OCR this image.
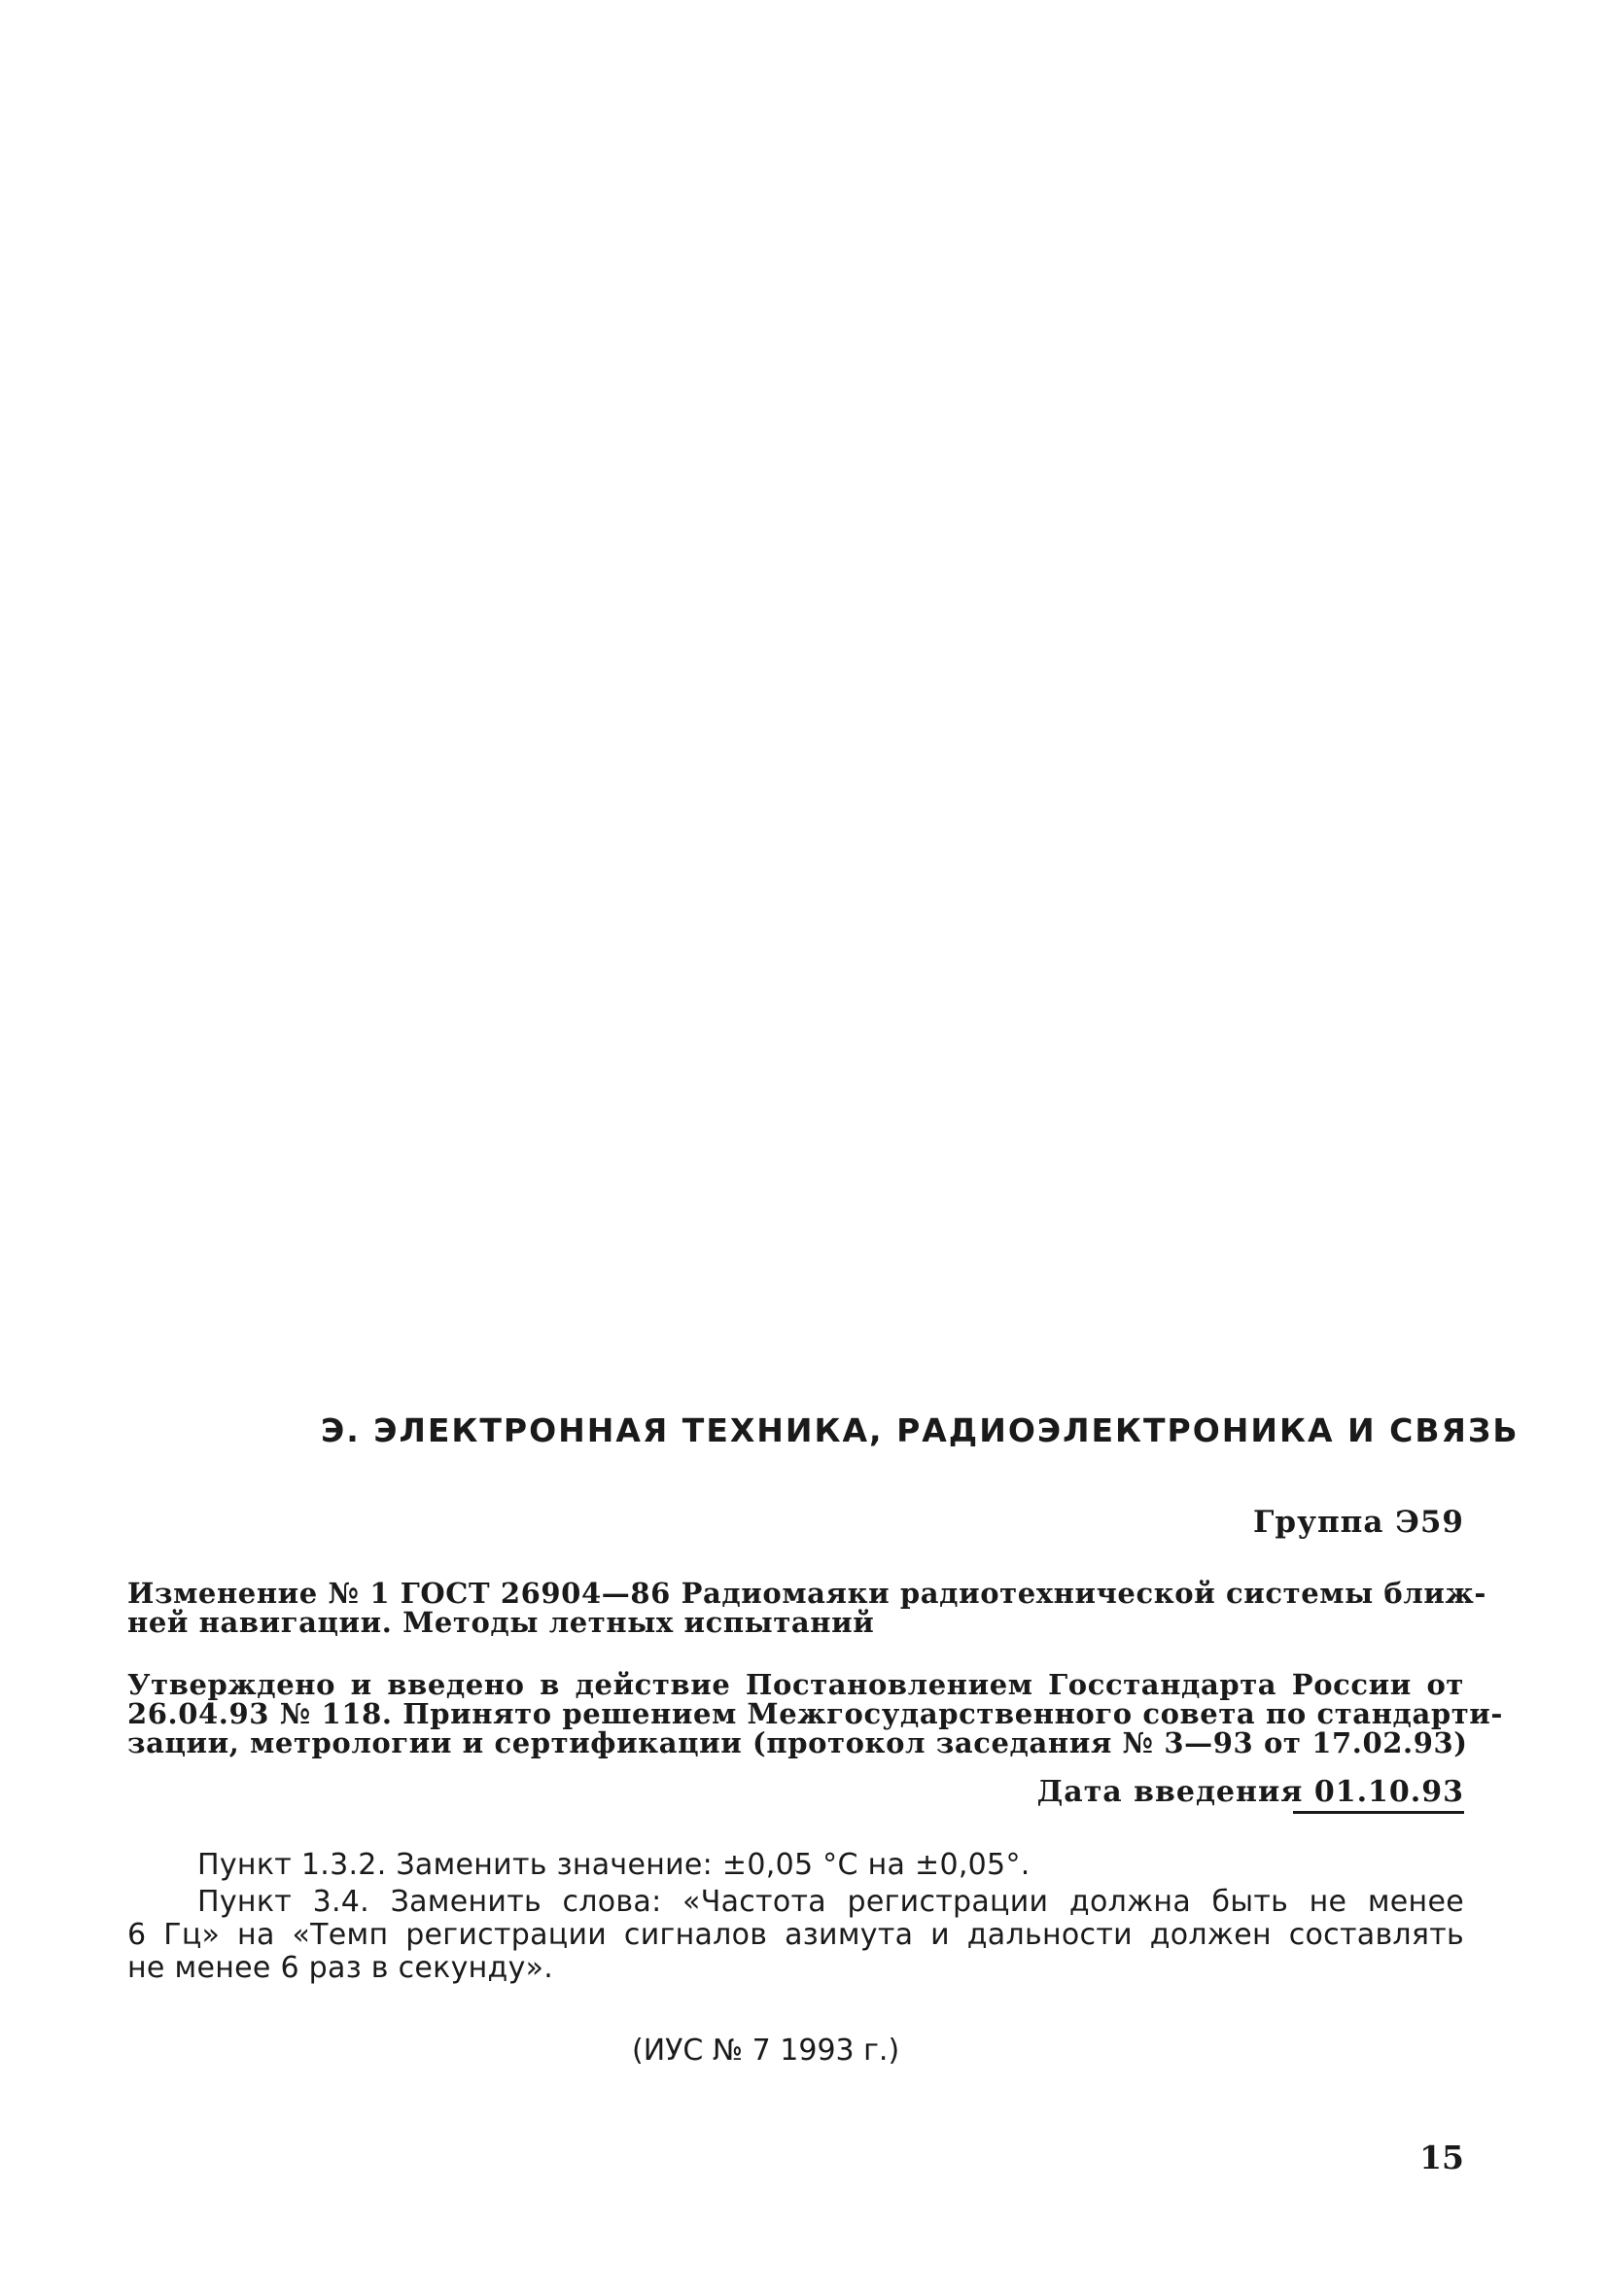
Э. ЭЛЕКТРОННАЯ ТЕХНИКА, РАДИОЭЛЕКТРОНИКА И СВЯЗЬ
Группа Э59
Изменение № 1 ГОСТ 26904—86 Радиомаяки радиотехнической системы ближ-
ней навигации. Методы летных испытаний
Утверждено и введено в действие Постановлением Госстандарта России от
26.04.93 № 118. Принято решением Межгосударственного совета по стандарти-
зации, метрологии и сертификации (протокол заседания № 3—93 от 17.02.93)
Дата введения 01.10.93
Пункт 1.3.2. Заменить значение: ±0,05 °С на ±0,05°.
Пункт 3.4. Заменить слова: «Частота регистрации должна быть не менее
6 Гц» на «Темп регистрации сигналов азимута и дальности должен составлять
не менее 6 раз в секунду».
(ИУС № 7 1993 г.)
15
